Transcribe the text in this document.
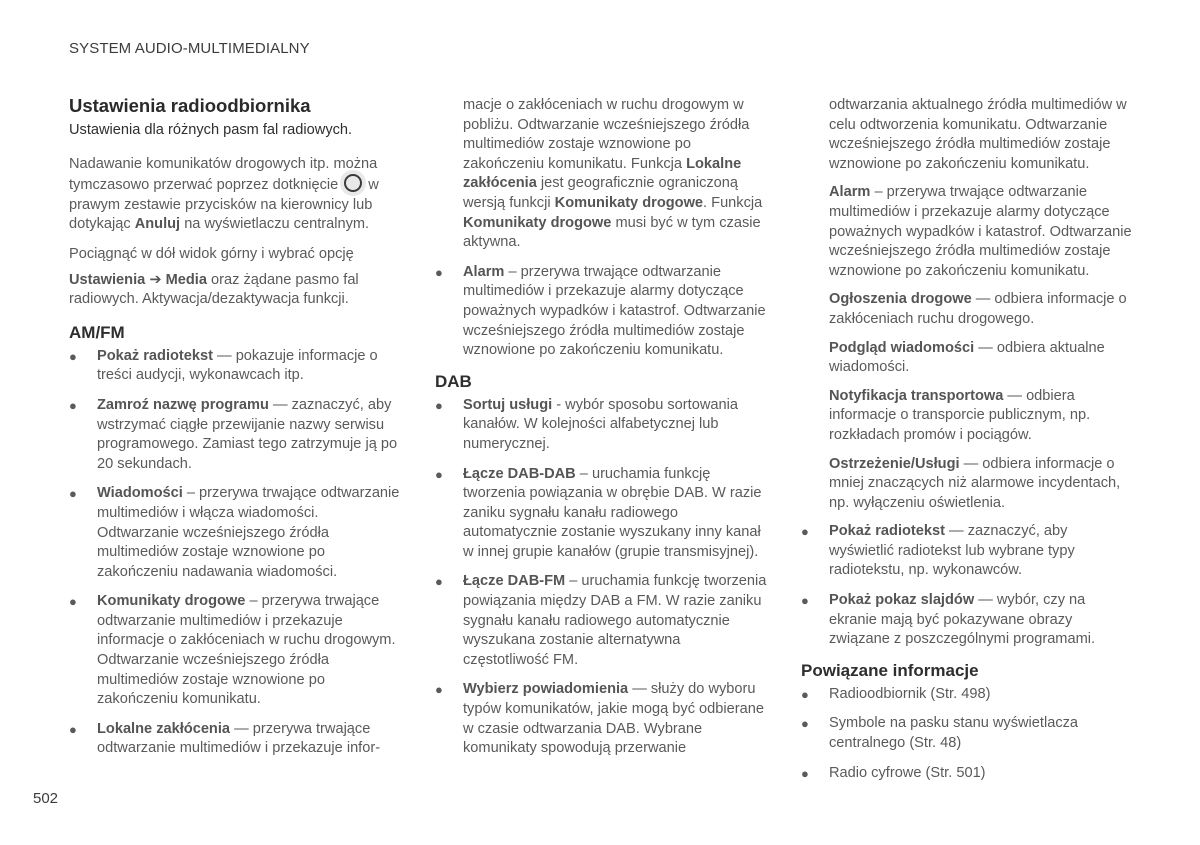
SYSTEM AUDIO-MULTIMEDIALNY
Ustawienia radioodbiornika
Ustawienia dla różnych pasm fal radiowych.

Nadawanie komunikatów drogowych itp. można tymczasowo przerwać poprzez dotknięcie w prawym zestawie przycisków na kierownicy lub dotykając Anuluj na wyświetlaczu centralnym.

Pociągnąć w dół widok górny i wybrać opcję

Ustawienia ➔ Media oraz żądane pasmo fal radiowych. Aktywacja/dezaktywacja funkcji.

AM/FM
● Pokaż radiotekst — pokazuje informacje o treści audycji, wykonawcach itp.
● Zamroź nazwę programu — zaznaczyć, aby wstrzymać ciągłe przewijanie nazwy serwisu programowego. Zamiast tego zatrzymuje ją po 20 sekundach.
● Wiadomości – przerywa trwające odtwarzanie multimediów i włącza wiadomości. Odtwarzanie wcześniejszego źródła multimediów zostaje wznowione po zakończeniu nadawania wiadomości.
● Komunikaty drogowe – przerywa trwające odtwarzanie multimediów i przekazuje informacje o zakłóceniach w ruchu drogowym. Odtwarzanie wcześniejszego źródła multimediów zostaje wznowione po zakończeniu komunikatu.
● Lokalne zakłócenia — przerywa trwające odtwarzanie multimediów i przekazuje infor-

macje o zakłóceniach w ruchu drogowym w pobliżu. Odtwarzanie wcześniejszego źródła multimediów zostaje wznowione po zakończeniu komunikatu. Funkcja Lokalne zakłócenia jest geograficznie ograniczoną wersją funkcji Komunikaty drogowe. Funkcja Komunikaty drogowe musi być w tym czasie aktywna.

● Alarm – przerywa trwające odtwarzanie multimediów i przekazuje alarmy dotyczące poważnych wypadków i katastrof. Odtwarzanie wcześniejszego źródła multimediów zostaje wznowione po zakończeniu komunikatu.
DAB
● Sortuj usługi - wybór sposobu sortowania kanałów. W kolejności alfabetycznej lub numerycznej.
● Łącze DAB-DAB – uruchamia funkcję tworzenia powiązania w obrębie DAB. W razie zaniku sygnału kanału radiowego automatycznie zostanie wyszukany inny kanał w innej grupie kanałów (grupie transmisyjnej).
● Łącze DAB-FM – uruchamia funkcję tworzenia powiązania między DAB a FM. W razie zaniku sygnału kanału radiowego automatycznie wyszukana zostanie alternatywna częstotliwość FM.
● Wybierz powiadomienia — służy do wyboru typów komunikatów, jakie mogą być odbierane w czasie odtwarzania DAB. Wybrane komunikaty spowodują przerwanie

odtwarzania aktualnego źródła multimediów w celu odtworzenia komunikatu. Odtwarzanie wcześniejszego źródła multimediów zostaje wznowione po zakończeniu komunikatu.

Alarm – przerywa trwające odtwarzanie multimediów i przekazuje alarmy dotyczące poważnych wypadków i katastrof. Odtwarzanie wcześniejszego źródła multimediów zostaje wznowione po zakończeniu komunikatu.

Ogłoszenia drogowe — odbiera informacje o zakłóceniach ruchu drogowego.

Podgląd wiadomości — odbiera aktualne wiadomości.

Notyfikacja transportowa — odbiera informacje o transporcie publicznym, np. rozkładach promów i pociągów.

Ostrzeżenie/Usługi — odbiera informacje o mniej znaczących niż alarmowe incydentach, np. wyłączeniu oświetlenia.

● Pokaż radiotekst — zaznaczyć, aby wyświetlić radiotekst lub wybrane typy radiotekstu, np. wykonawców.
● Pokaż pokaz slajdów — wybór, czy na ekranie mają być pokazywane obrazy związane z poszczególnymi programami.
Powiązane informacje
● Radioodbiornik (Str. 498)
● Symbole na pasku stanu wyświetlacza centralnego (Str. 48)
● Radio cyfrowe (Str. 501)
502
